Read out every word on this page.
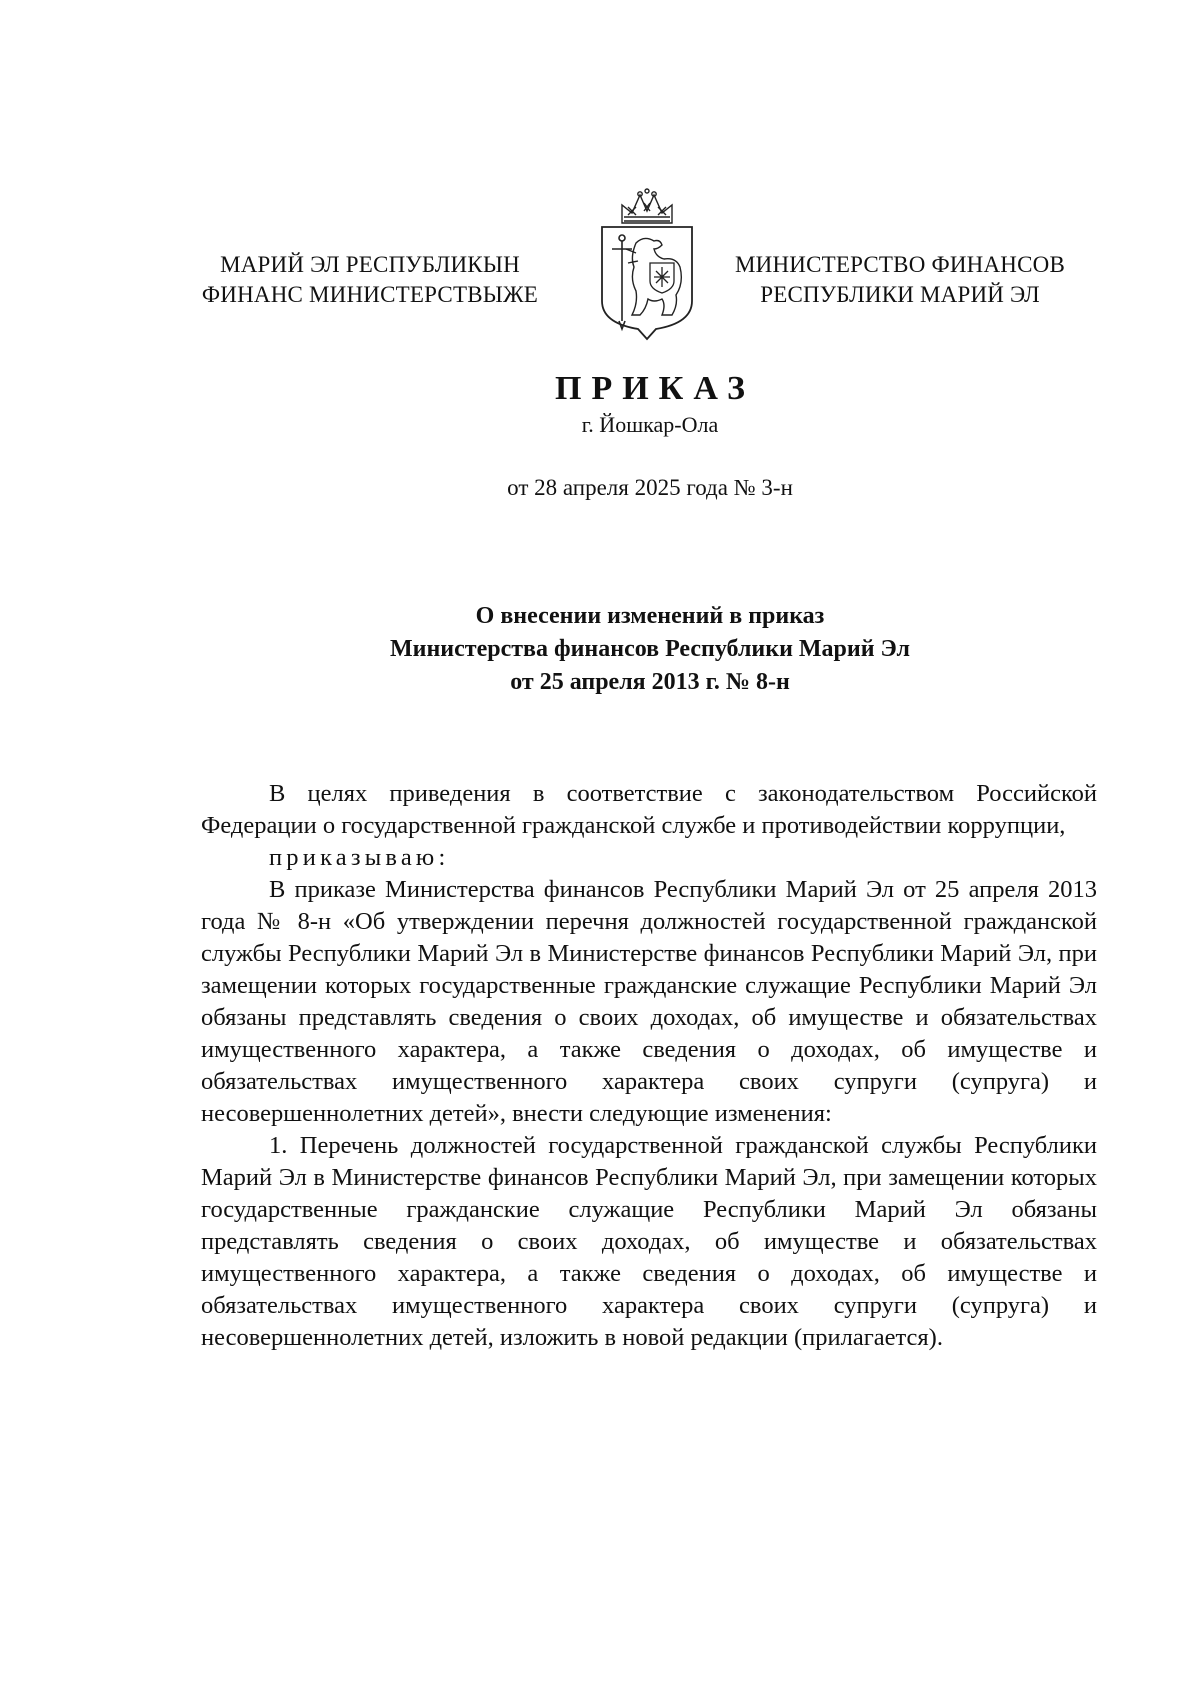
МАРИЙ ЭЛ РЕСПУБЛИКЫН
ФИНАНС МИНИСТЕРСТВЫЖЕ
МИНИСТЕРСТВО ФИНАНСОВ
РЕСПУБЛИКИ МАРИЙ ЭЛ
ПРИКАЗ
г. Йошкар-Ола
от 28 апреля 2025 года № 3-н
О внесении изменений в приказ
Министерства финансов Республики Марий Эл
от 25 апреля 2013 г. № 8-н

В целях приведения в соответствие с законодательством Российской Федерации о государственной гражданской службе и противодействии коррупции,

приказываю:

В приказе Министерства финансов Республики Марий Эл от 25 апреля 2013 года № 8-н «Об утверждении перечня должностей государственной гражданской службы Республики Марий Эл в Министерстве финансов Республики Марий Эл, при замещении которых государственные гражданские служащие Республики Марий Эл обязаны представлять сведения о своих доходах, об имуществе и обязательствах имущественного характера, а также сведения о доходах, об имуществе и обязательствах имущественного характера своих супруги (супруга) и несовершеннолетних детей», внести следующие изменения:

1. Перечень должностей государственной гражданской службы Республики Марий Эл в Министерстве финансов Республики Марий Эл, при замещении которых государственные гражданские служащие Республики Марий Эл обязаны представлять сведения о своих доходах, об имуществе и обязательствах имущественного характера, а также сведения о доходах, об имуществе и обязательствах имущественного характера своих супруги (супруга) и несовершеннолетних детей, изложить в новой редакции (прилагается).
